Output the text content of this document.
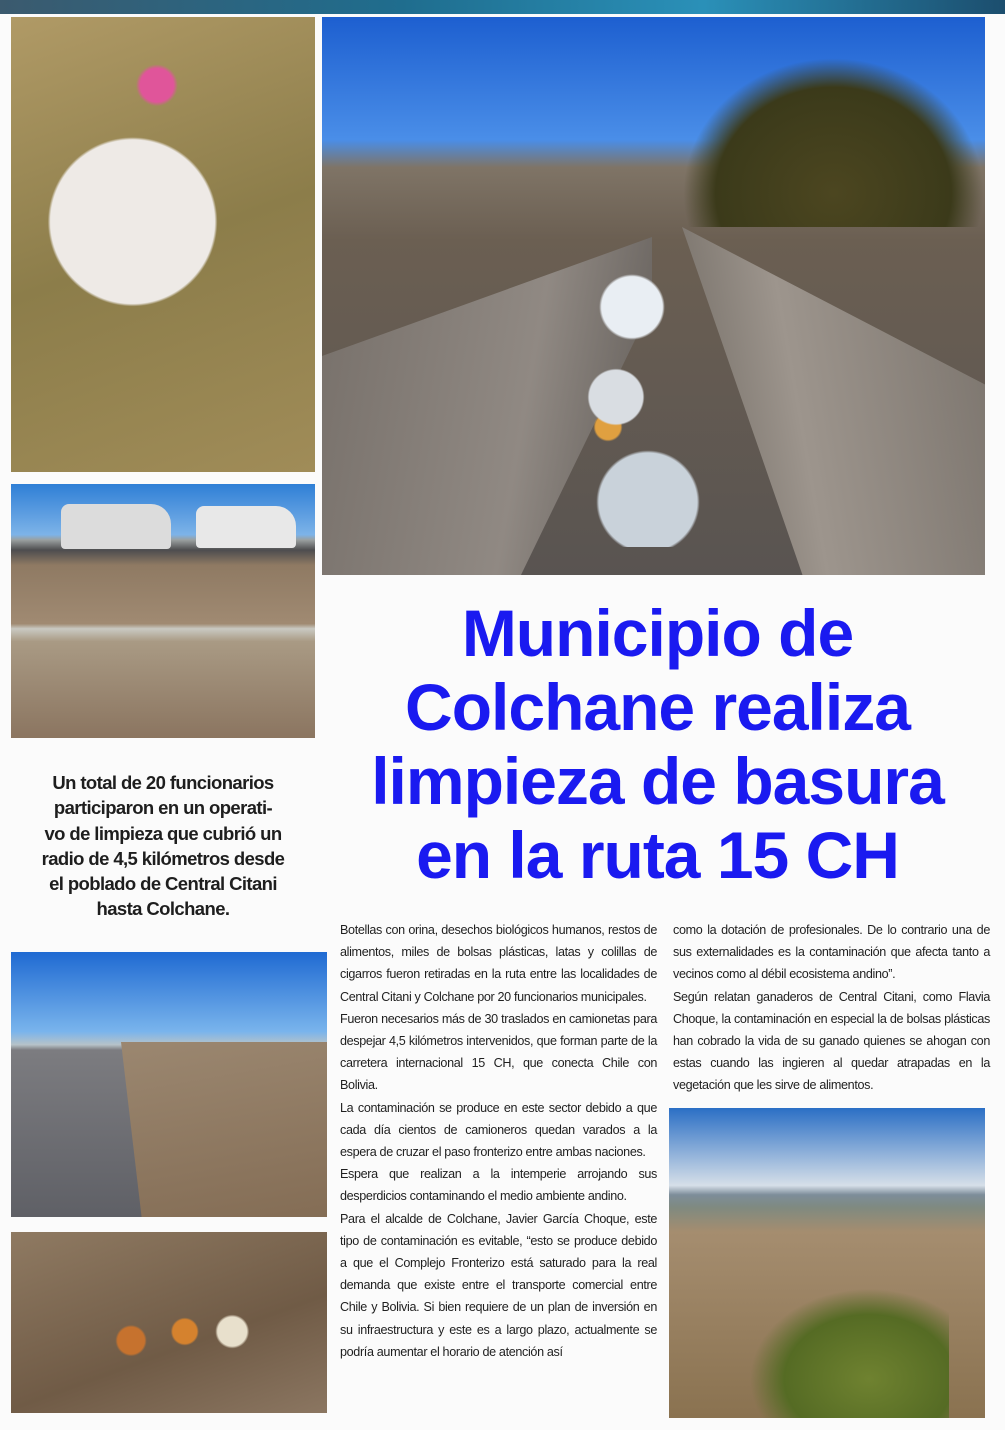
Municipio de
Colchane realiza
limpieza de basura
en la ruta 15 CH
Un total de 20 funcionarios
participaron en un operati-
vo de limpieza que cubrió un
radio de 4,5 kilómetros desde
el poblado de Central Citani
hasta Colchane.

Botellas con orina, desechos biológicos humanos, restos de alimentos, miles de bolsas plásticas, latas y colillas de cigarros fueron retiradas en la ruta entre las localidades de Central Citani y Colchane por 20 funcionarios municipales.

Fueron necesarios más de 30 traslados en camionetas para despejar 4,5 kilómetros intervenidos, que forman parte de la carretera internacional 15 CH, que conecta Chile con Bolivia.

La contaminación se produce en este sector debido a que cada día cientos de camioneros quedan varados a la espera de cruzar el paso fronterizo entre ambas naciones.

Espera que realizan a la intemperie arrojando sus desperdicios contaminando el medio ambiente andino.

Para el alcalde de Colchane, Javier García Choque, este tipo de contaminación es evitable, “esto se produce debido a que el Complejo Fronterizo está saturado para la real demanda que existe entre el transporte comercial entre Chile y Bolivia. Si bien requiere de un plan de inversión en su infraestructura y este es a largo plazo, actualmente se podría aumentar el horario de atención así

como la dotación de profesionales. De lo contrario una de sus externalidades es la contaminación que afecta tanto a vecinos como al débil ecosistema andino”.

Según relatan ganaderos de Central Citani, como Flavia Choque, la contaminación en especial la de bolsas plásticas han cobrado la vida de su ganado quienes se ahogan con estas cuando las ingieren al quedar atrapadas en la vegetación que les sirve de alimentos.
